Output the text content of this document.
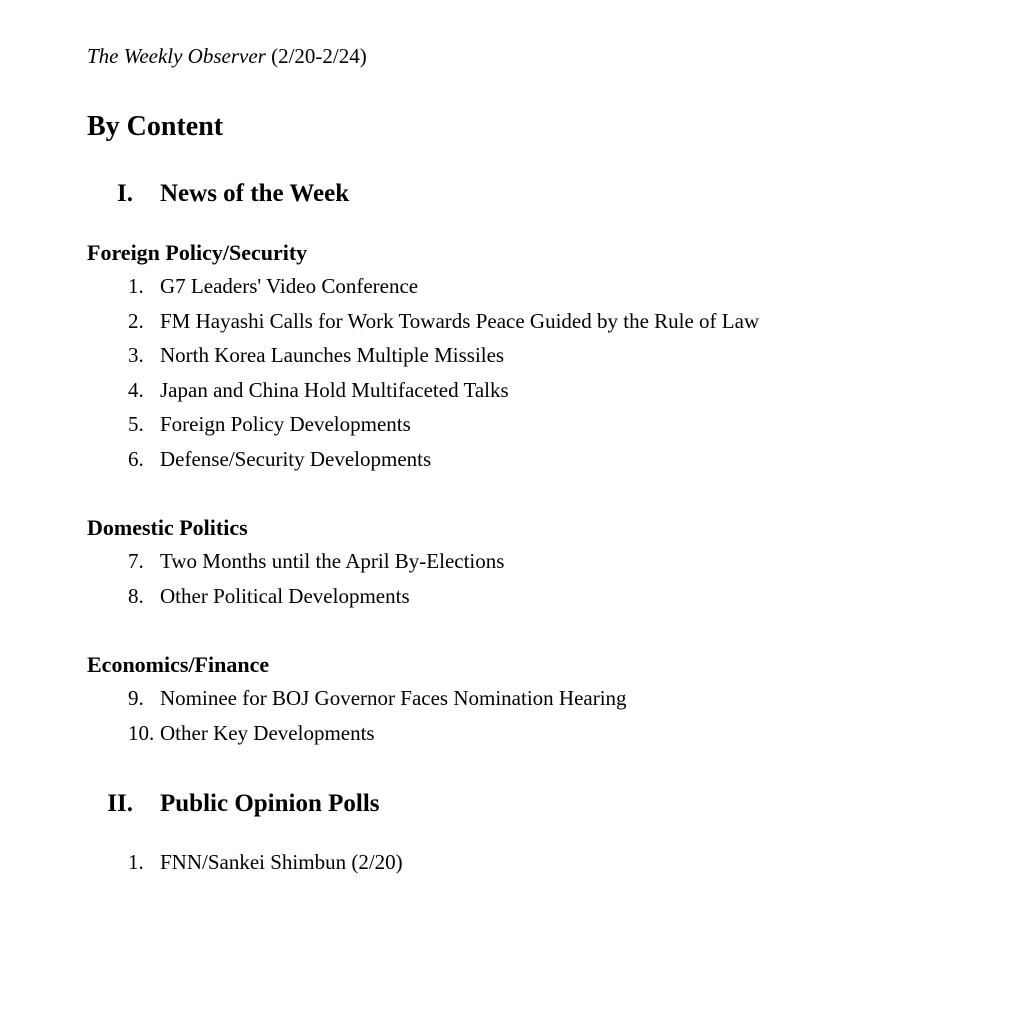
The Weekly Observer (2/20-2/24)
By Content
I. News of the Week
Foreign Policy/Security
1. G7 Leaders' Video Conference
2. FM Hayashi Calls for Work Towards Peace Guided by the Rule of Law
3. North Korea Launches Multiple Missiles
4. Japan and China Hold Multifaceted Talks
5. Foreign Policy Developments
6. Defense/Security Developments
Domestic Politics
7. Two Months until the April By-Elections
8. Other Political Developments
Economics/Finance
9. Nominee for BOJ Governor Faces Nomination Hearing
10. Other Key Developments
II. Public Opinion Polls
1. FNN/Sankei Shimbun (2/20)
